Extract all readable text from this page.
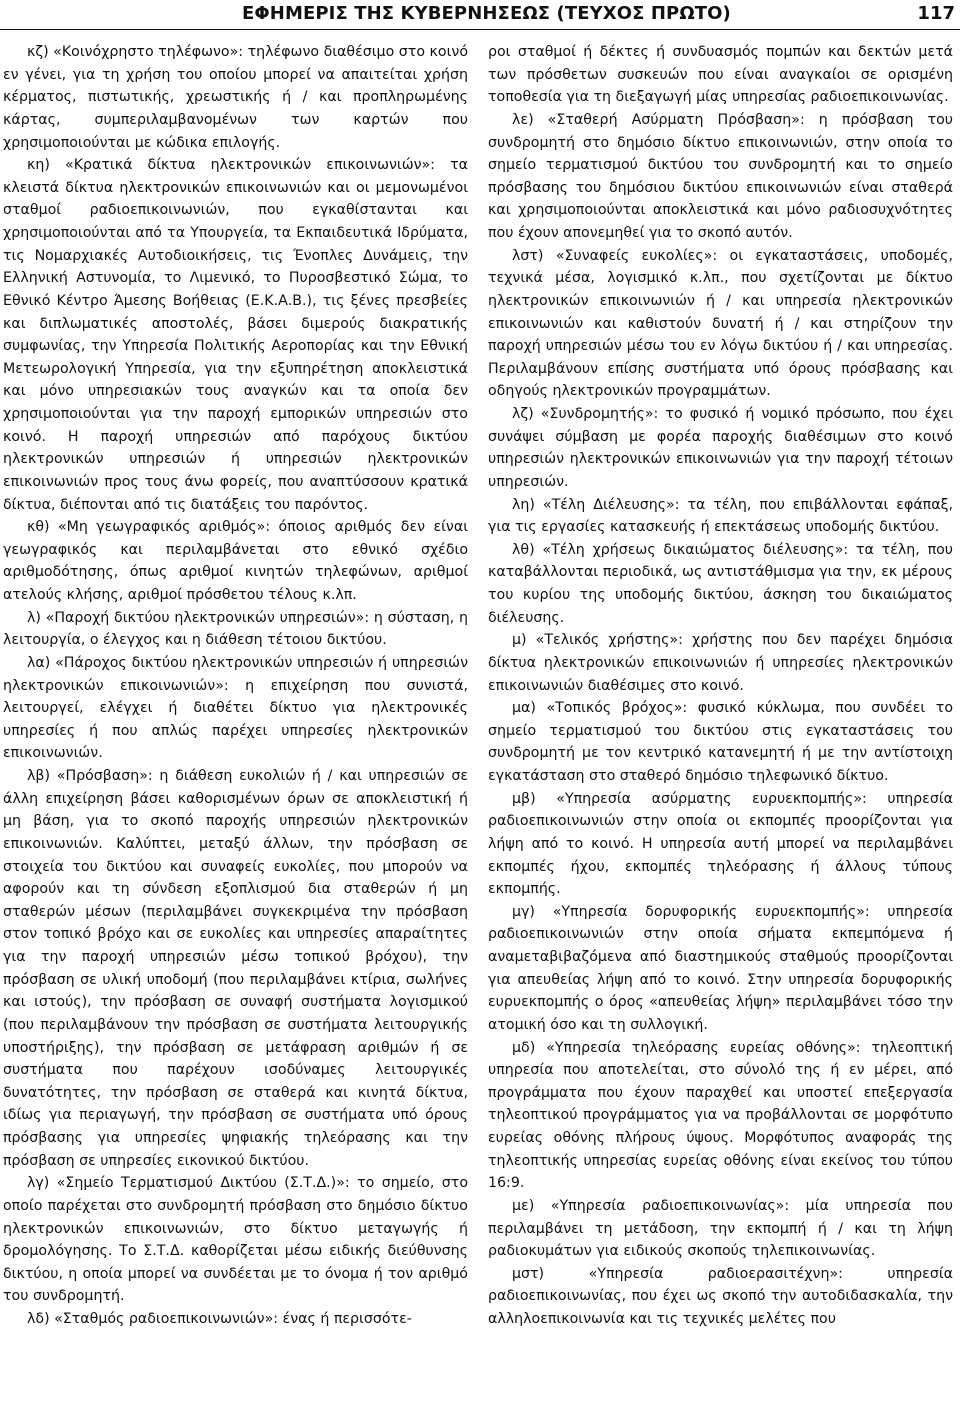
ΕΦΗΜΕΡΙΣ ΤΗΣ ΚΥΒΕΡΝΗΣΕΩΣ (ΤΕΥΧΟΣ ΠΡΩΤΟ)	117

κζ) «Κοινόχρηστο τηλέφωνο»: τηλέφωνο διαθέσιμο στο κοινό εν γένει, για τη χρήση του οποίου μπορεί να απαιτείται χρήση κέρματος, πιστωτικής, χρεωστικής ή / και προπληρωμένης κάρτας, συμπεριλαμβανομένων των καρτών που χρησιμοποιούνται με κώδικα επιλογής.

κη) «Κρατικά δίκτυα ηλεκτρονικών επικοινωνιών»: τα κλειστά δίκτυα ηλεκτρονικών επικοινωνιών και οι μεμονωμένοι σταθμοί ραδιοεπικοινωνιών, που εγκαθίστανται και χρησιμοποιούνται από τα Υπουργεία, τα Εκπαιδευτικά Ιδρύματα, τις Νομαρχιακές Αυτοδιοικήσεις, τις Ένοπλες Δυνάμεις, την Ελληνική Αστυνομία, το Λιμενικό, το Πυροσβεστικό Σώμα, το Εθνικό Κέντρο Άμεσης Βοήθειας (Ε.Κ.Α.Β.), τις ξένες πρεσβείες και διπλωματικές αποστολές, βάσει διμερούς διακρατικής συμφωνίας, την Υπηρεσία Πολιτικής Αεροπορίας και την Εθνική Μετεωρολογική Υπηρεσία, για την εξυπηρέτηση αποκλειστικά και μόνο υπηρεσιακών τους αναγκών και τα οποία δεν χρησιμοποιούνται για την παροχή εμπορικών υπηρεσιών στο κοινό. Η παροχή υπηρεσιών από παρόχους δικτύου ηλεκτρονικών υπηρεσιών ή υπηρεσιών ηλεκτρονικών επικοινωνιών προς τους άνω φορείς, που αναπτύσσουν κρατικά δίκτυα, διέπονται από τις διατάξεις του παρόντος.

κθ) «Μη γεωγραφικός αριθμός»: όποιος αριθμός δεν είναι γεωγραφικός και περιλαμβάνεται στο εθνικό σχέδιο αριθμοδότησης, όπως αριθμοί κινητών τηλεφώνων, αριθμοί ατελούς κλήσης, αριθμοί πρόσθετου τέλους κ.λπ.

λ) «Παροχή δικτύου ηλεκτρονικών υπηρεσιών»: η σύσταση, η λειτουργία, ο έλεγχος και η διάθεση τέτοιου δικτύου.

λα) «Πάροχος δικτύου ηλεκτρονικών υπηρεσιών ή υπηρεσιών ηλεκτρονικών επικοινωνιών»: η επιχείρηση που συνιστά, λειτουργεί, ελέγχει ή διαθέτει δίκτυο για ηλεκτρονικές υπηρεσίες ή που απλώς παρέχει υπηρεσίες ηλεκτρονικών επικοινωνιών.

λβ) «Πρόσβαση»: η διάθεση ευκολιών ή / και υπηρεσιών σε άλλη επιχείρηση βάσει καθορισμένων όρων σε αποκλειστική ή μη βάση, για το σκοπό παροχής υπηρεσιών ηλεκτρονικών επικοινωνιών. Καλύπτει, μεταξύ άλλων, την πρόσβαση σε στοιχεία του δικτύου και συναφείς ευκολίες, που μπορούν να αφορούν και τη σύνδεση εξοπλισμού δια σταθερών ή μη σταθερών μέσων (περιλαμβάνει συγκεκριμένα την πρόσβαση στον τοπικό βρόχο και σε ευκολίες και υπηρεσίες απαραίτητες για την παροχή υπηρεσιών μέσω τοπικού βρόχου), την πρόσβαση σε υλική υποδομή (που περιλαμβάνει κτίρια, σωλήνες και ιστούς), την πρόσβαση σε συναφή συστήματα λογισμικού (που περιλαμβάνουν την πρόσβαση σε συστήματα λειτουργικής υποστήριξης), την πρόσβαση σε μετάφραση αριθμών ή σε συστήματα που παρέχουν ισοδύναμες λειτουργικές δυνατότητες, την πρόσβαση σε σταθερά και κινητά δίκτυα, ιδίως για περιαγωγή, την πρόσβαση σε συστήματα υπό όρους πρόσβασης για υπηρεσίες ψηφιακής τηλεόρασης και την πρόσβαση σε υπηρεσίες εικονικού δικτύου.

λγ) «Σημείο Τερματισμού Δικτύου (Σ.Τ.Δ.)»: το σημείο, στο οποίο παρέχεται στο συνδρομητή πρόσβαση στο δημόσιο δίκτυο ηλεκτρονικών επικοινωνιών, στο δίκτυο μεταγωγής ή δρομολόγησης. Το Σ.Τ.Δ. καθορίζεται μέσω ειδικής διεύθυνσης δικτύου, η οποία μπορεί να συνδέεται με το όνομα ή τον αριθμό του συνδρομητή.

λδ) «Σταθμός ραδιοεπικοινωνιών»: ένας ή περισσότε-

ροι σταθμοί ή δέκτες ή συνδυασμός πομπών και δεκτών μετά των πρόσθετων συσκευών που είναι αναγκαίοι σε ορισμένη τοποθεσία για τη διεξαγωγή μίας υπηρεσίας ραδιοεπικοινωνίας.

λε) «Σταθερή Ασύρματη Πρόσβαση»: η πρόσβαση του συνδρομητή στο δημόσιο δίκτυο επικοινωνιών, στην οποία το σημείο τερματισμού δικτύου του συνδρομητή και το σημείο πρόσβασης του δημόσιου δικτύου επικοινωνιών είναι σταθερά και χρησιμοποιούνται αποκλειστικά και μόνο ραδιοσυχνότητες που έχουν απονεμηθεί για το σκοπό αυτόν.

λστ) «Συναφείς ευκολίες»: οι εγκαταστάσεις, υποδομές, τεχνικά μέσα, λογισμικό κ.λπ., που σχετίζονται με δίκτυο ηλεκτρονικών επικοινωνιών ή / και υπηρεσία ηλεκτρονικών επικοινωνιών και καθιστούν δυνατή ή / και στηρίζουν την παροχή υπηρεσιών μέσω του εν λόγω δικτύου ή / και υπηρεσίας. Περιλαμβάνουν επίσης συστήματα υπό όρους πρόσβασης και οδηγούς ηλεκτρονικών προγραμμάτων.

λζ) «Συνδρομητής»: το φυσικό ή νομικό πρόσωπο, που έχει συνάψει σύμβαση με φορέα παροχής διαθέσιμων στο κοινό υπηρεσιών ηλεκτρονικών επικοινωνιών για την παροχή τέτοιων υπηρεσιών.

λη) «Τέλη Διέλευσης»: τα τέλη, που επιβάλλονται εφάπαξ, για τις εργασίες κατασκευής ή επεκτάσεως υποδομής δικτύου.

λθ) «Τέλη χρήσεως δικαιώματος διέλευσης»: τα τέλη, που καταβάλλονται περιοδικά, ως αντιστάθμισμα για την, εκ μέρους του κυρίου της υποδομής δικτύου, άσκηση του δικαιώματος διέλευσης.

μ) «Τελικός χρήστης»: χρήστης που δεν παρέχει δημόσια δίκτυα ηλεκτρονικών επικοινωνιών ή υπηρεσίες ηλεκτρονικών επικοινωνιών διαθέσιμες στο κοινό.

μα) «Τοπικός βρόχος»: φυσικό κύκλωμα, που συνδέει το σημείο τερματισμού του δικτύου στις εγκαταστάσεις του συνδρομητή με τον κεντρικό κατανεμητή ή με την αντίστοιχη εγκατάσταση στο σταθερό δημόσιο τηλεφωνικό δίκτυο.

μβ) «Υπηρεσία ασύρματης ευρυεκπομπής»: υπηρεσία ραδιοεπικοινωνιών στην οποία οι εκπομπές προορίζονται για λήψη από το κοινό. Η υπηρεσία αυτή μπορεί να περιλαμβάνει εκπομπές ήχου, εκπομπές τηλεόρασης ή άλλους τύπους εκπομπής.

μγ) «Υπηρεσία δορυφορικής ευρυεκπομπής»: υπηρεσία ραδιοεπικοινωνιών στην οποία σήματα εκπεμπόμενα ή αναμεταβιβαζόμενα από διαστημικούς σταθμούς προορίζονται για απευθείας λήψη από το κοινό. Στην υπηρεσία δορυφορικής ευρυεκπομπής ο όρος «απευθείας λήψη» περιλαμβάνει τόσο την ατομική όσο και τη συλλογική.

μδ) «Υπηρεσία τηλεόρασης ευρείας οθόνης»: τηλεοπτική υπηρεσία που αποτελείται, στο σύνολό της ή εν μέρει, από προγράμματα που έχουν παραχθεί και υποστεί επεξεργασία τηλεοπτικού προγράμματος για να προβάλλονται σε μορφότυπο ευρείας οθόνης πλήρους ύψους. Μορφότυπος αναφοράς της τηλεοπτικής υπηρεσίας ευρείας οθόνης είναι εκείνος του τύπου 16:9.

με) «Υπηρεσία ραδιοεπικοινωνίας»: μία υπηρεσία που περιλαμβάνει τη μετάδοση, την εκπομπή ή / και τη λήψη ραδιοκυμάτων για ειδικούς σκοπούς τηλεπικοινωνίας.

μστ) «Υπηρεσία ραδιοερασιτέχνη»: υπηρεσία ραδιοεπικοινωνίας, που έχει ως σκοπό την αυτοδιδασκαλία, την αλληλοεπικοινωνία και τις τεχνικές μελέτες που
